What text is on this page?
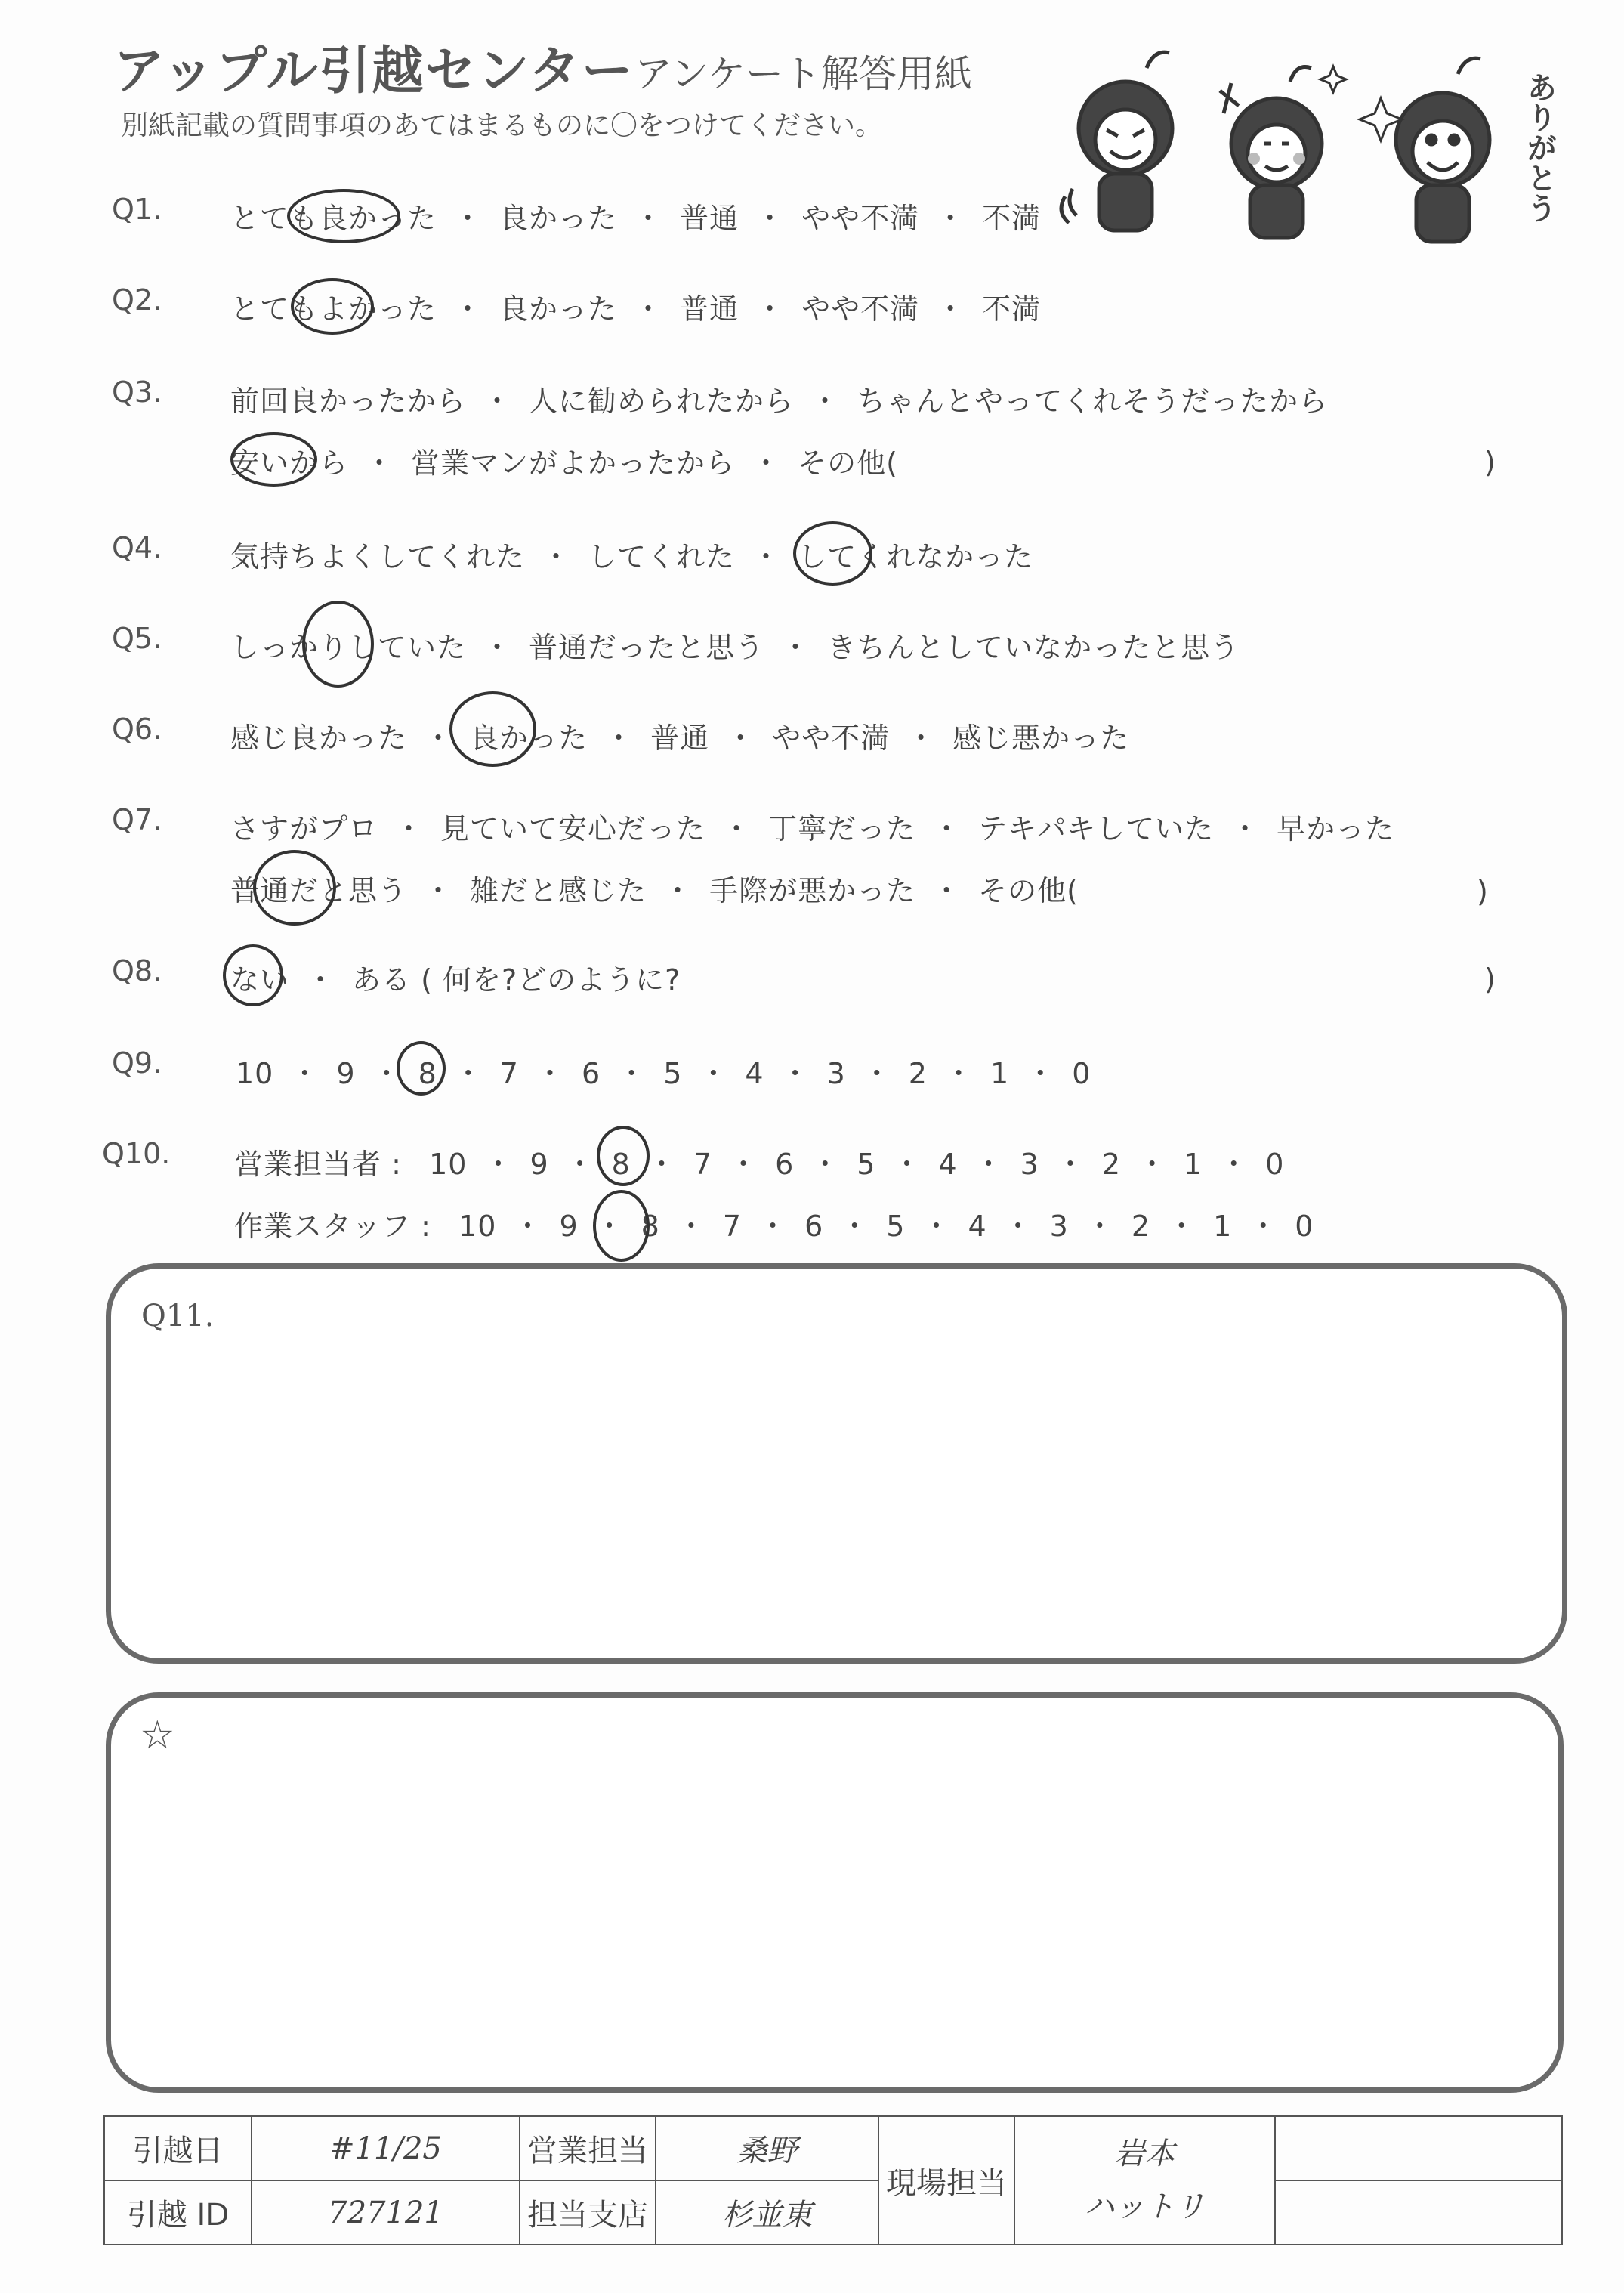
アップル引越センター アンケート解答用紙
別紙記載の質問事項のあてはまるものに〇をつけてください。	ありがとう
Q1. とても良かった ・ 良かった ・ 普通 ・ やや不満 ・ 不満
Q2. とてもよかった ・ 良かった ・ 普通 ・ やや不満 ・ 不満
Q3. 前回良かったから ・ 人に勧められたから ・ ちゃんとやってくれそうだったから
安いから ・ 営業マンがよかったから ・ その他(	)
Q4. 気持ちよくしてくれた ・ してくれた ・ してくれなかった
Q5. しっかりしていた ・ 普通だったと思う ・ きちんとしていなかったと思う
Q6. 感じ良かった ・ 良かった ・ 普通 ・ やや不満 ・ 感じ悪かった
Q7. さすがプロ ・ 見ていて安心だった ・ 丁寧だった ・ テキパキしていた ・ 早かった
普通だと思う ・ 雑だと感じた ・ 手際が悪かった ・ その他(	)
Q8. ない ・ ある ( 何を?どのように?	)
Q9.	10 ・ 9 ・ 8 ・ 7 ・ 6 ・ 5 ・ 4 ・ 3 ・ 2 ・ 1 ・ 0
Q10. 営業担当者 : 10 ・ 9 ・ 8 ・ 7 ・ 6 ・ 5 ・ 4 ・ 3 ・ 2 ・ 1 ・ 0
作業スタッフ : 10 ・ 9 ・ 8 ・ 7 ・ 6 ・ 5 ・ 4 ・ 3 ・ 2 ・ 1 ・ 0
Q11.
☆
引越日	#11/25	営業担当	桑野	現場担当	岩本
ハットリ	

引越 ID	727121	担当支店	杉並東			
